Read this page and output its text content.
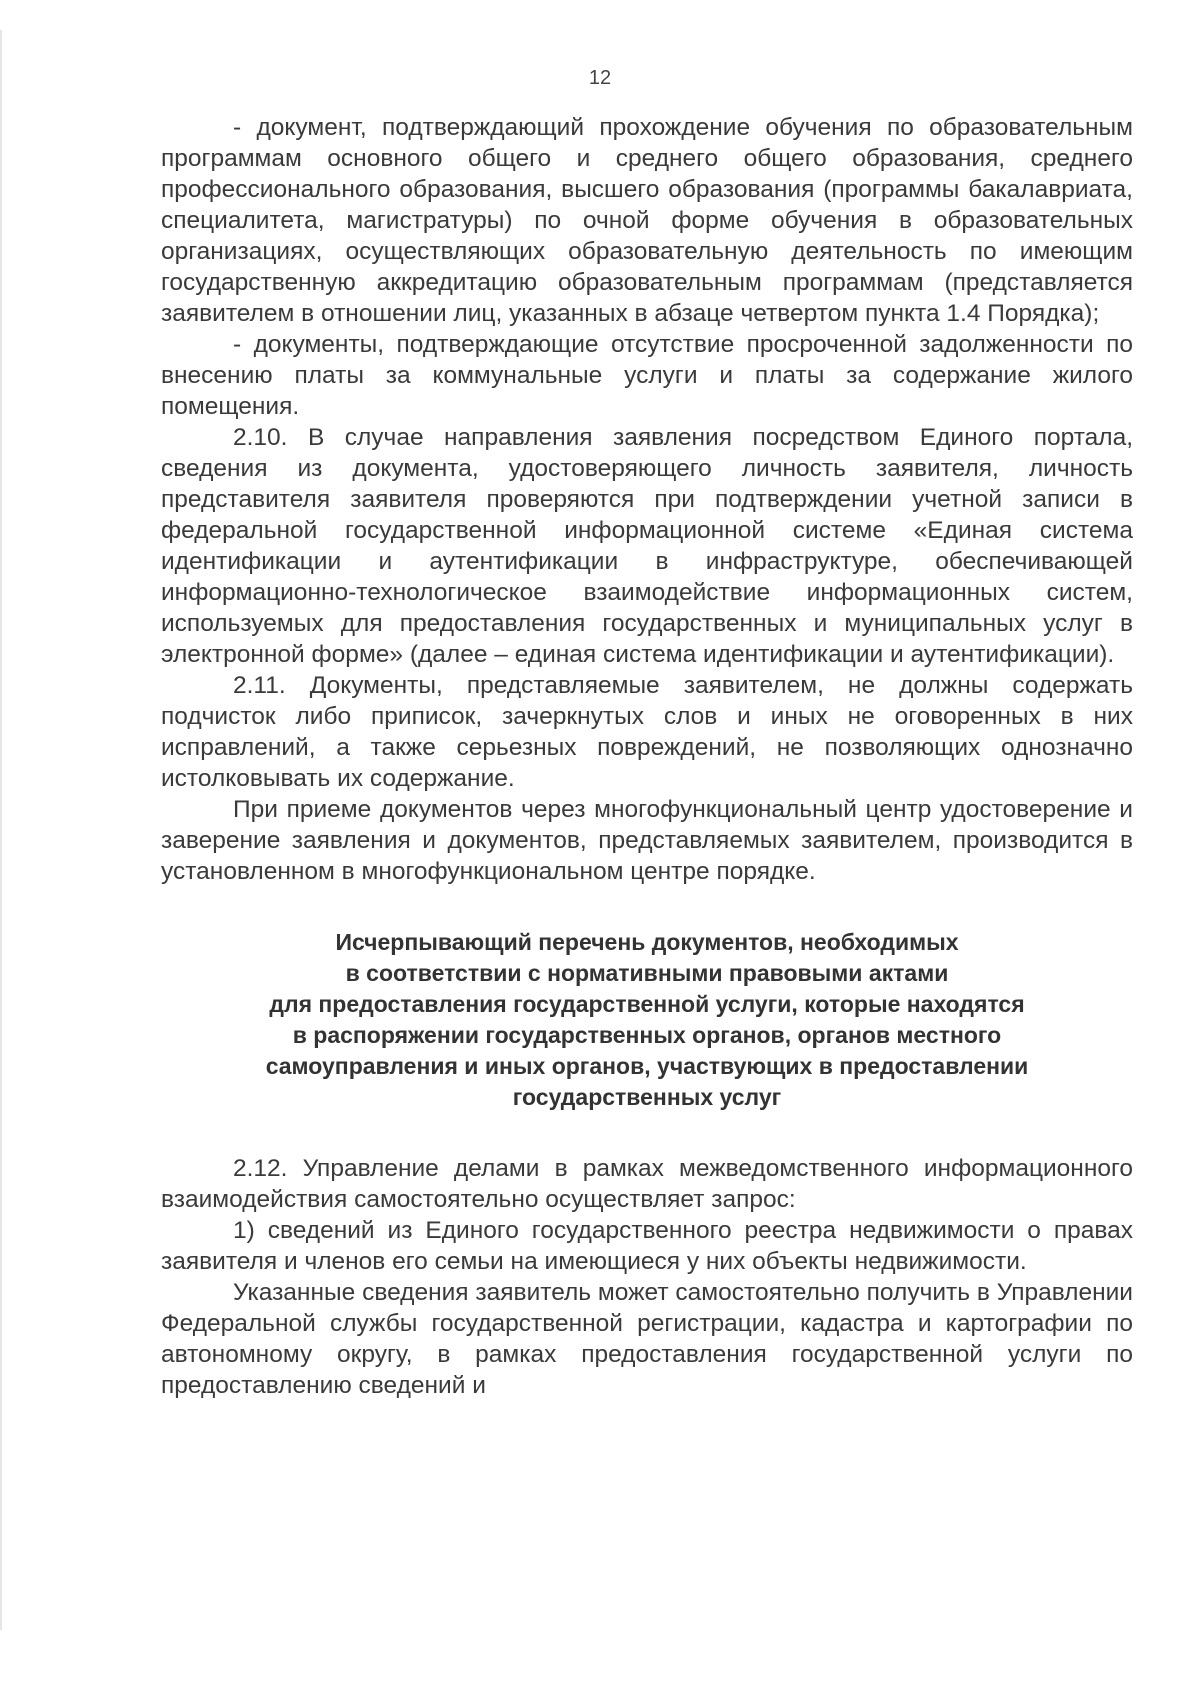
12

- документ, подтверждающий прохождение обучения по образовательным программам основного общего и среднего общего образования, среднего профессионального образования, высшего образования (программы бакалавриата, специалитета, магистратуры) по очной форме обучения в образовательных организациях, осуществляющих образовательную деятельность по имеющим государственную аккредитацию образовательным программам (представляется заявителем в отношении лиц, указанных в абзаце четвертом пункта 1.4 Порядка);

- документы, подтверждающие отсутствие просроченной задолженности по внесению платы за коммунальные услуги и платы за содержание жилого помещения.

2.10. В случае направления заявления посредством Единого портала, сведения из документа, удостоверяющего личность заявителя, личность представителя заявителя проверяются при подтверждении учетной записи в федеральной государственной информационной системе «Единая система идентификации и аутентификации в инфраструктуре, обеспечивающей информационно-технологическое взаимодействие информационных систем, используемых для предоставления государственных и муниципальных услуг в электронной форме» (далее – единая система идентификации и аутентификации).

2.11. Документы, представляемые заявителем, не должны содержать подчисток либо приписок, зачеркнутых слов и иных не оговоренных в них исправлений, а также серьезных повреждений, не позволяющих однозначно истолковывать их содержание.

При приеме документов через многофункциональный центр удостоверение и заверение заявления и документов, представляемых заявителем, производится в установленном в многофункциональном центре порядке.

Исчерпывающий перечень документов, необходимых
в соответствии с нормативными правовыми актами
для предоставления государственной услуги, которые находятся
в распоряжении государственных органов, органов местного
самоуправления и иных органов, участвующих в предоставлении
государственных услуг

2.12. Управление делами в рамках межведомственного информационного взаимодействия самостоятельно осуществляет запрос:

1) сведений из Единого государственного реестра недвижимости о правах заявителя и членов его семьи на имеющиеся у них объекты недвижимости.

Указанные сведения заявитель может самостоятельно получить в Управлении Федеральной службы государственной регистрации, кадастра и картографии по автономному округу, в рамках предоставления государственной услуги по предоставлению сведений и
